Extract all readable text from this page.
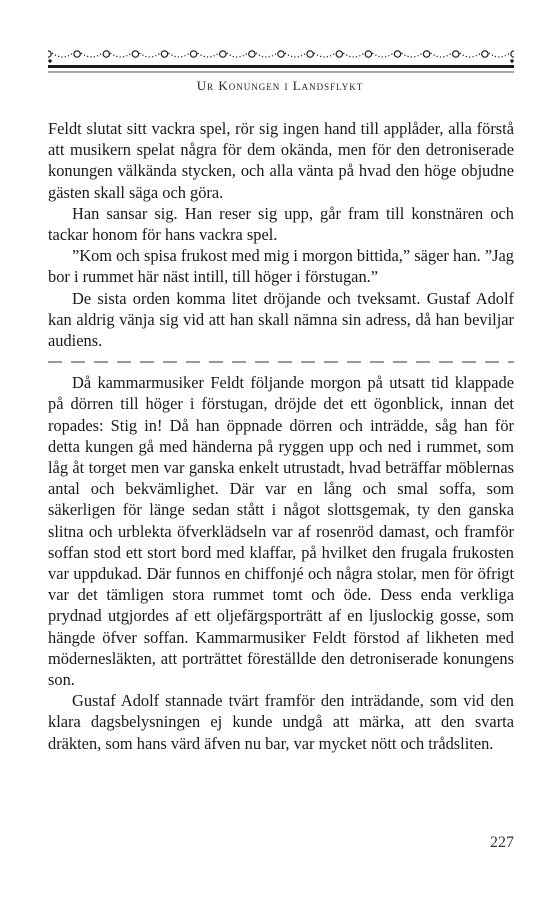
Ur Konungen i Landsflykt

Feldt slutat sitt vackra spel, rör sig ingen hand till applåder, alla förstå att musikern spelat några för dem okända, men för den detroniserade konungen välkända stycken, och alla vänta på hvad den höge objudne gästen skall säga och göra.

Han sansar sig. Han reser sig upp, går fram till konstnären och tackar honom för hans vackra spel.

”Kom och spisa frukost med mig i morgon bittida,” säger han. ”Jag bor i rummet här näst intill, till höger i förstugan.”

De sista orden komma litet dröjande och tveksamt. Gustaf Adolf kan aldrig vänja sig vid att han skall nämna sin adress, då han beviljar audiens.

Då kammarmusiker Feldt följande morgon på utsatt tid klappade på dörren till höger i förstugan, dröjde det ett ögonblick, innan det ropades: Stig in! Då han öppnade dörren och inträdde, såg han för detta kungen gå med händerna på ryggen upp och ned i rummet, som låg åt torget men var ganska enkelt utrustadt, hvad beträffar möblernas antal och bekvämlighet. Där var en lång och smal soffa, som säkerligen för länge sedan stått i något slottsgemak, ty den ganska slitna och urblekta öfverklädseln var af rosenröd damast, och framför soffan stod ett stort bord med klaffar, på hvilket den frugala frukosten var uppdukad. Där funnos en chiffonjé och några stolar, men för öfrigt var det tämligen stora rummet tomt och öde. Dess enda verkliga prydnad utgjordes af ett oljefärgsporträtt af en ljuslockig gosse, som hängde öfver soffan. Kammarmusiker Feldt förstod af likheten med mödernesläkten, att porträttet föreställde den detroniserade konungens son.

Gustaf Adolf stannade tvärt framför den inträdande, som vid den klara dagsbelysningen ej kunde undgå att märka, att den svarta dräkten, som hans värd äfven nu bar, var mycket nött och trådsliten.

227
